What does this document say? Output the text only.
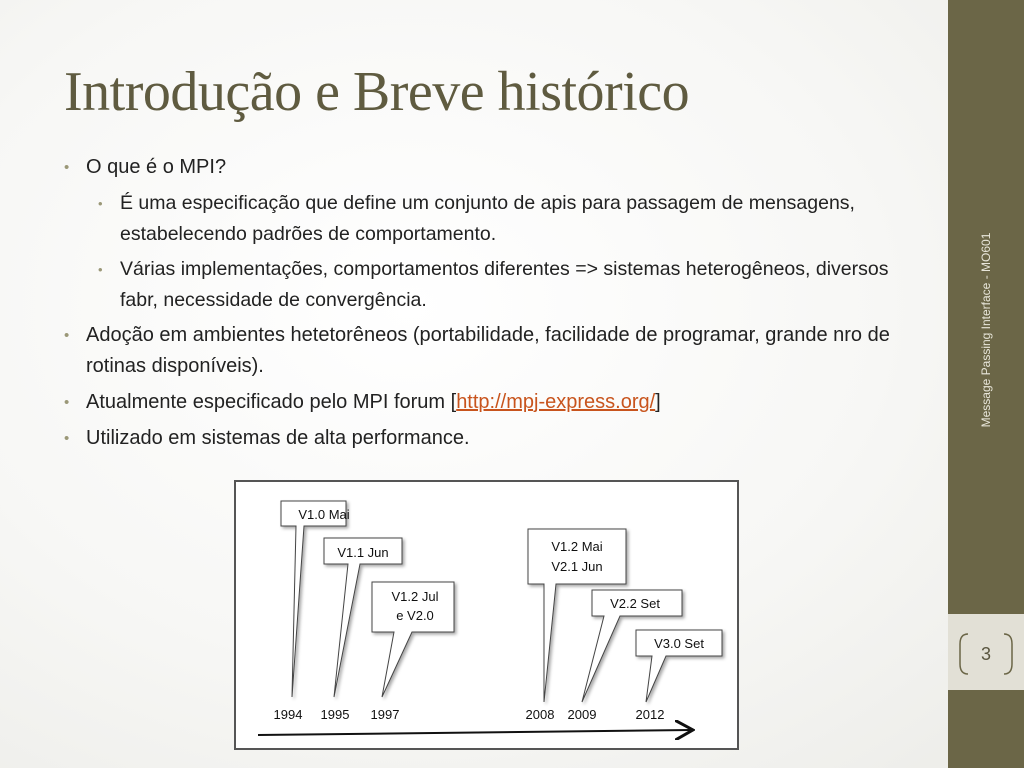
Message Passing Interface - MO601
3
Introdução e Breve histórico
• O que é o MPI?
• É uma especificação que define um conjunto de apis para passagem de mensagens, estabelecendo padrões de comportamento.
• Várias implementações, comportamentos diferentes => sistemas heterogêneos, diversos fabr, necessidade de convergência.
• Adoção em ambientes hetetorêneos (portabilidade, facilidade de programar, grande nro de rotinas disponíveis).
• Atualmente especificado pelo MPI forum [http://mpj-express.org/]
• Utilizado em sistemas de alta performance.
V1.0 Mai
V1.1 Jun
V1.2 Jul
e V2.0
V1.2 Mai
V2.1 Jun
V2.2 Set
V3.0 Set
1994 1995 1997	2008 2009	2012
